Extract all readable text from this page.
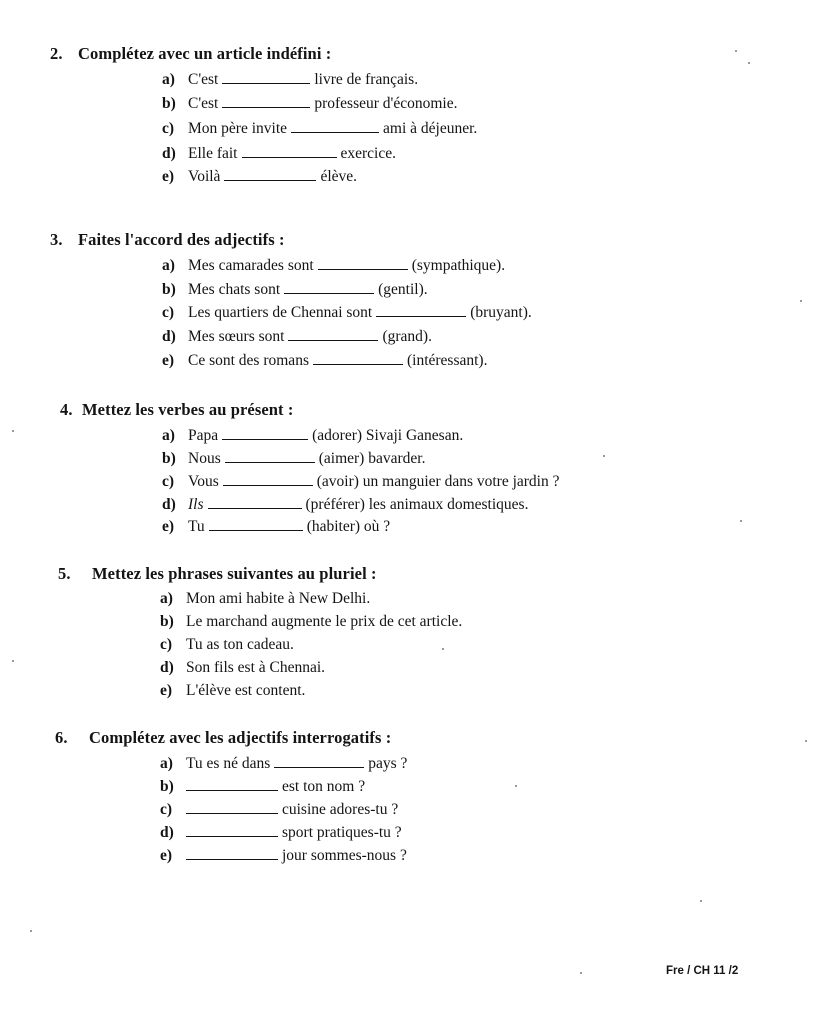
2. Complétez avec un article indéfini :
a) C'est	livre de français.
b) C'est	professeur d'économie.
c) Mon père invite	ami à déjeuner.
d) Elle fait	exercice.
e) Voilà	élève.
3. Faites l'accord des adjectifs :
a) Mes camarades sont	(sympathique).
b) Mes chats sont	(gentil).
c) Les quartiers de Chennai sont	(bruyant).
d) Mes sœurs sont	(grand).
e) Ce sont des romans	(intéressant).
4. Mettez les verbes au présent :
a) Papa	(adorer) Sivaji Ganesan.
b) Nous	(aimer) bavarder.
c) Vous	(avoir) un manguier dans votre jardin ?
d) Ils	(préférer) les animaux domestiques.
e) Tu	(habiter) où ?
5. Mettez les phrases suivantes au pluriel :
a) Mon ami habite à New Delhi.
b) Le marchand augmente le prix de cet article.
c) Tu as ton cadeau.
d) Son fils est à Chennai.
e) L'élève est content.
6. Complétez avec les adjectifs interrogatifs :
a) Tu es né dans	pays ?
b)	est ton nom ?
c)	cuisine adores-tu ?
d)	sport pratiques-tu ?
e)	jour sommes-nous ?
Fre / CH 11 /2
